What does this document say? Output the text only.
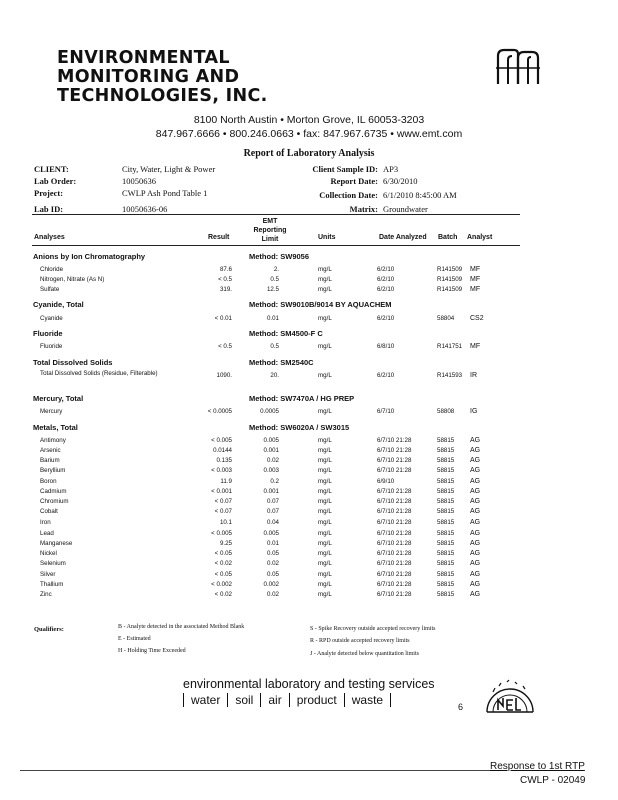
ENVIRONMENTAL
MONITORING AND
TECHNOLOGIES, INC.
8100 North Austin • Morton Grove, IL 60053-3203
847.967.6666 • 800.246.0663 • fax: 847.967.6735 • www.emt.com
Report of Laboratory Analysis
CLIENT:	City, Water, Light & Power
Lab Order:	10050636
Project:	CWLP Ash Pond Table 1
Lab ID:	10050636-06
Client Sample ID: AP3
Report Date: 6/30/2010
Collection Date: 6/1/2010 8:45:00 AM
Matrix: Groundwater
Analyses	Result
EMT
Reporting
Limit	Units	Date Analyzed Batch Analyst
Anions by Ion Chromatography	Method: SW9056
Chloride	87.6	2.	mg/L	6/2/10	R141509 MF
Nitrogen, Nitrate (As N)	< 0.5	0.5	mg/L	6/2/10	R141509 MF
Sulfate	319.	12.5	mg/L	6/2/10	R141509 MF
Cyanide, Total	Method: SW9010B/9014 BY AQUACHEM
Cyanide	< 0.01	0.01	mg/L	6/2/10	58804 CS2
Fluoride	Method: SM4500-F C
Fluoride	< 0.5	0.5	mg/L	6/8/10	R141751 MF
Total Dissolved Solids	Method: SM2540C
Total Dissolved Solids (Residue, Filterable)	1090.	20.	mg/L	6/2/10	R141593 IR
Mercury, Total	Method: SW7470A / HG PREP
Mercury	< 0.0005	0.0005	mg/L	6/7/10	58808 IG
Metals, Total	Method: SW6020A / SW3015
Antimony	< 0.005	0.005	mg/L	6/7/10 21:28	58815 AG
Arsenic	0.0144	0.001	mg/L	6/7/10 21:28	58815 AG
Barium	0.135	0.02	mg/L	6/7/10 21:28	58815 AG
Beryllium	< 0.003	0.003	mg/L	6/7/10 21:28	58815 AG
Boron	11.9	0.2	mg/L	6/9/10	58815 AG
Cadmium	< 0.001	0.001	mg/L	6/7/10 21:28	58815 AG
Chromium	< 0.07	0.07	mg/L	6/7/10 21:28	58815 AG
Cobalt	< 0.07	0.07	mg/L	6/7/10 21:28	58815 AG
Iron	10.1	0.04	mg/L	6/7/10 21:28	58815 AG
Lead	< 0.005	0.005	mg/L	6/7/10 21:28	58815 AG
Manganese	9.25	0.01	mg/L	6/7/10 21:28	58815 AG
Nickel	< 0.05	0.05	mg/L	6/7/10 21:28	58815 AG
Selenium	< 0.02	0.02	mg/L	6/7/10 21:28	58815 AG
Silver	< 0.05	0.05	mg/L	6/7/10 21:28	58815 AG
Thallium	< 0.002	0.002	mg/L	6/7/10 21:28	58815 AG
Zinc	< 0.02	0.02	mg/L	6/7/10 21:28	58815 AG
Qualifiers:	B - Analyte detected in the associated Method Blank
E - Estimated
H - Holding Time Exceeded
S - Spike Recovery outside accepted recovery limits
R - RPD outside accepted recovery limits
J - Analyte detected below quantitation limits
environmental laboratory and testing services
water soil air product waste	6
Response to 1st RTP
CWLP - 02049
